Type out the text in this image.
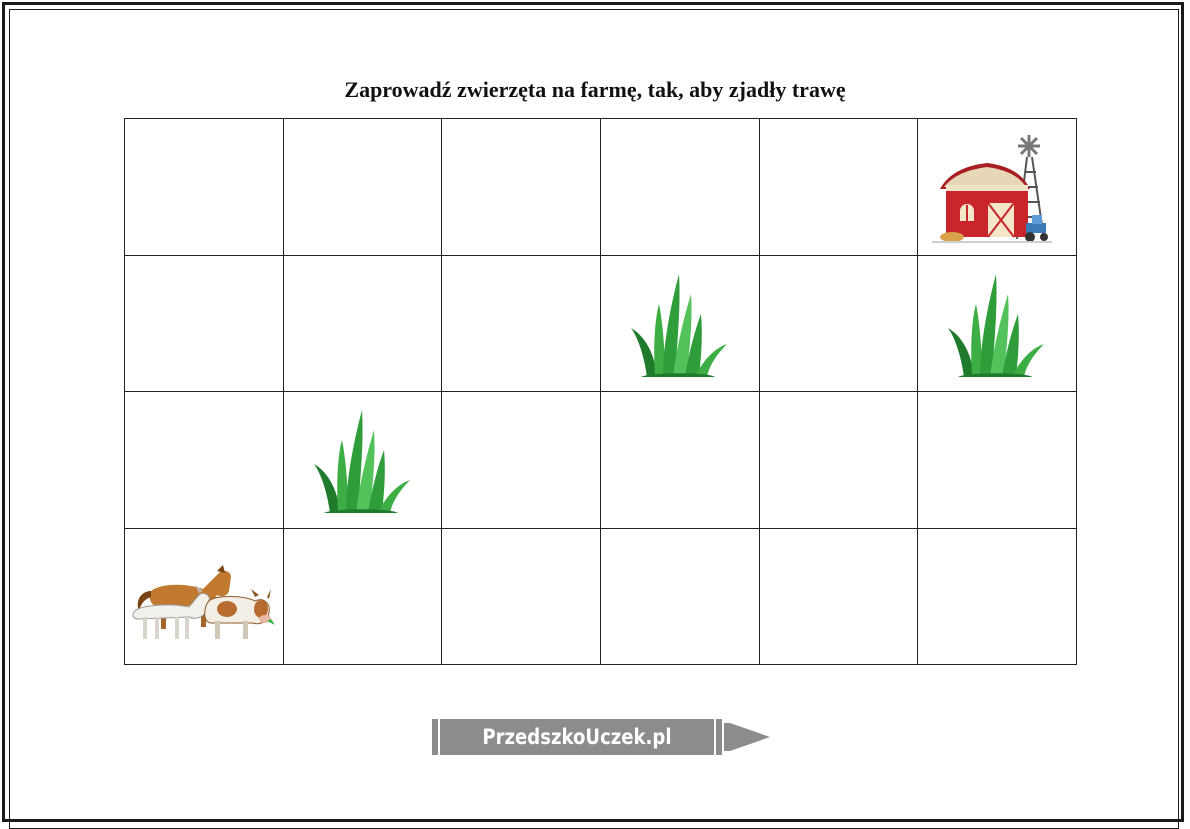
Zaprowadź zwierzęta na farmę, tak, aby zjadły trawę
PrzedszkoUczek.pl
